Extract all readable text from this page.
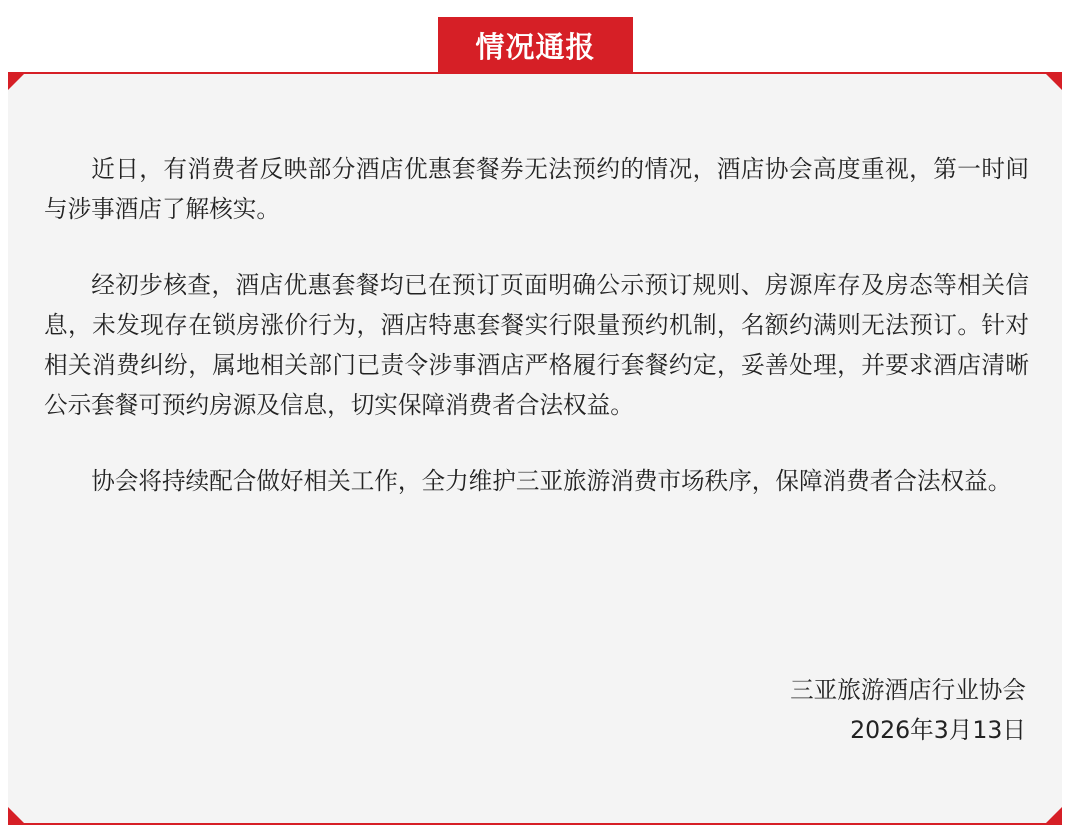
情况通报

近日，有消费者反映部分酒店优惠套餐券无法预约的情况，酒店协会高度重视，第一时间与涉事酒店了解核实。

经初步核查，酒店优惠套餐均已在预订页面明确公示预订规则、房源库存及房态等相关信息，未发现存在锁房涨价行为，酒店特惠套餐实行限量预约机制，名额约满则无法预订。针对相关消费纠纷，属地相关部门已责令涉事酒店严格履行套餐约定，妥善处理，并要求酒店清晰公示套餐可预约房源及信息，切实保障消费者合法权益。

协会将持续配合做好相关工作，全力维护三亚旅游消费市场秩序，保障消费者合法权益。

三亚旅游酒店行业协会
2026年3月13日
